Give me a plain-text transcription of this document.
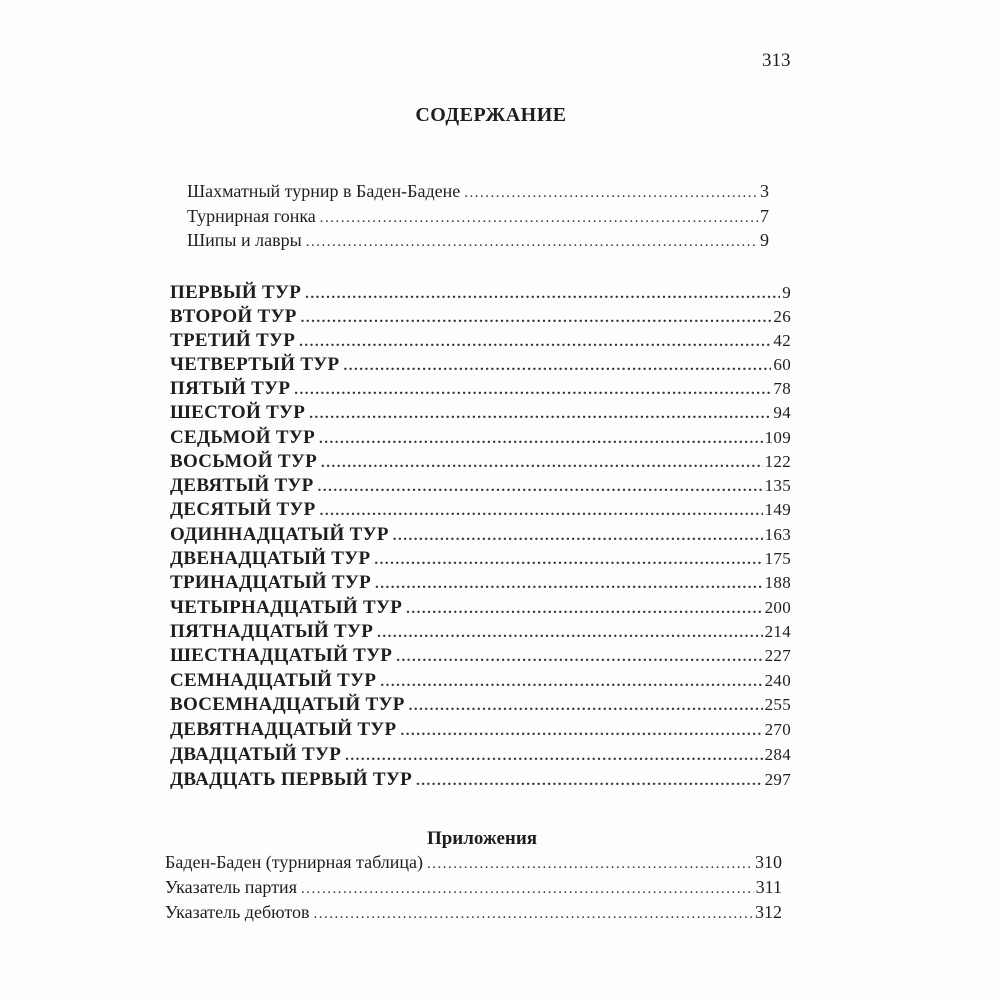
313
СОДЕРЖАНИЕ
Шахматный турнир в Баден-Бадене .....	3
Турнирная гонка .....	7
Шипы и лавры .....	9
ПЕРВЫЙ ТУР .....	9
ВТОРОЙ ТУР .....	26
ТРЕТИЙ ТУР .....	42
ЧЕТВЕРТЫЙ ТУР .....	60
ПЯТЫЙ ТУР .....	78
ШЕСТОЙ ТУР .....	94
СЕДЬМОЙ ТУР .....	109
ВОСЬМОЙ ТУР .....	122
ДЕВЯТЫЙ ТУР .....	135
ДЕСЯТЫЙ ТУР .....	149
ОДИННАДЦАТЫЙ ТУР .....	163
ДВЕНАДЦАТЫЙ ТУР .....	175
ТРИНАДЦАТЫЙ ТУР .....	188
ЧЕТЫРНАДЦАТЫЙ ТУР .....	200
ПЯТНАДЦАТЫЙ ТУР .....	214
ШЕСТНАДЦАТЫЙ ТУР .....	227
СЕМНАДЦАТЫЙ ТУР .....	240
ВОСЕМНАДЦАТЫЙ ТУР .....	255
ДЕВЯТНАДЦАТЫЙ ТУР .....	270
ДВАДЦАТЫЙ ТУР .....	284
ДВАДЦАТЬ ПЕРВЫЙ ТУР .....	297
Приложения
Баден-Баден (турнирная таблица) .....	310
Указатель партия .....	311
Указатель дебютов .....	312
